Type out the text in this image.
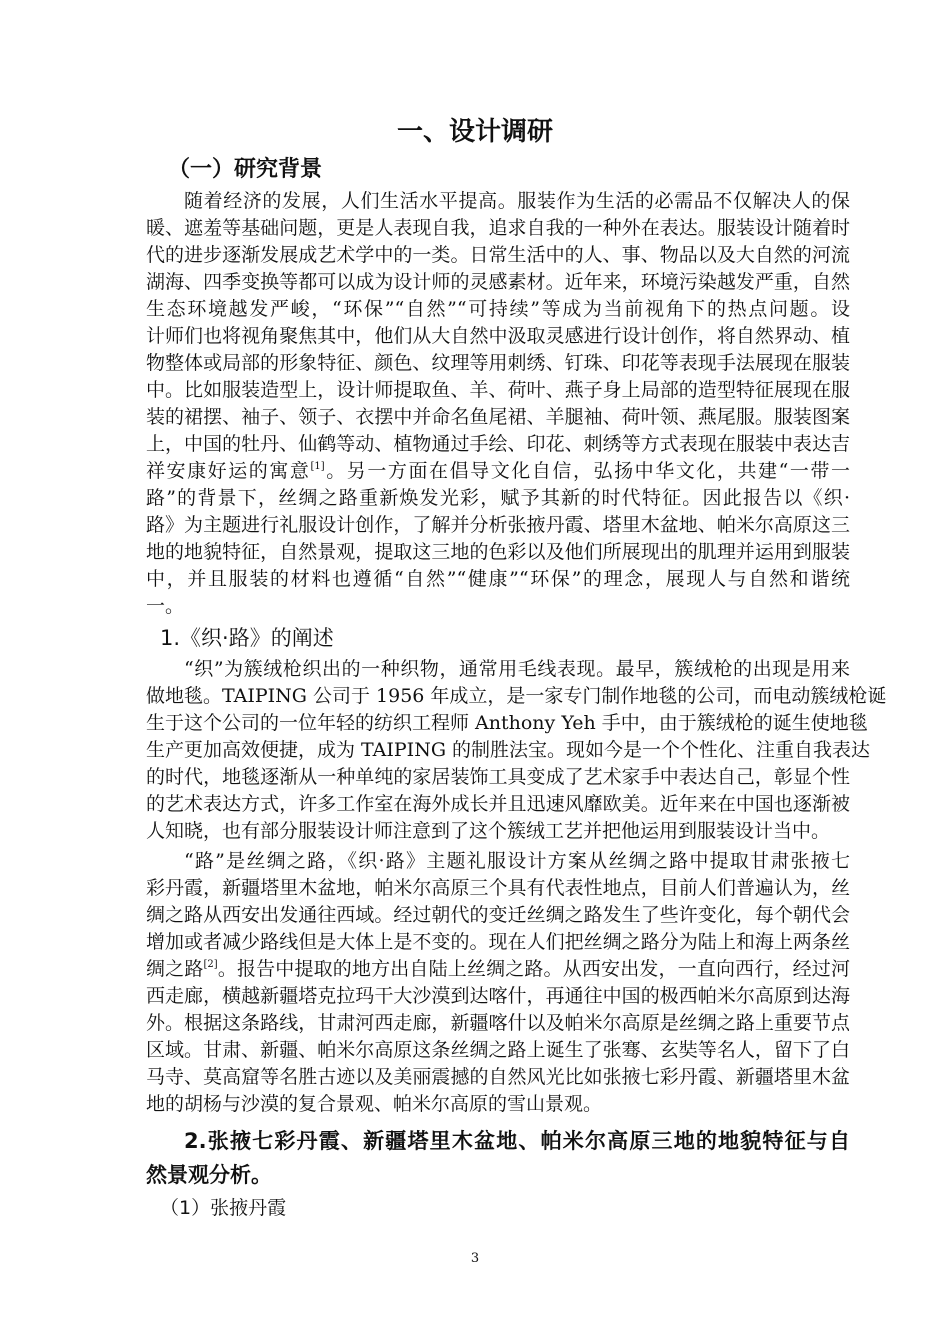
一、设计调研
（一）研究背景
随着经济的发展，人们生活水平提高。服装作为生活的必需品不仅解决人的保
暖、遮羞等基础问题，更是人表现自我，追求自我的一种外在表达。服装设计随着时
代的进步逐渐发展成艺术学中的一类。日常生活中的人、事、物品以及大自然的河流
湖海、四季变换等都可以成为设计师的灵感素材。近年来，环境污染越发严重，自然
生态环境越发严峻，“环保”“自然”“可持续”等成为当前视角下的热点问题。设
计师们也将视角聚焦其中，他们从大自然中汲取灵感进行设计创作，将自然界动、植
物整体或局部的形象特征、颜色、纹理等用刺绣、钉珠、印花等表现手法展现在服装
中。比如服装造型上，设计师提取鱼、羊、荷叶、燕子身上局部的造型特征展现在服
装的裙摆、袖子、领子、衣摆中并命名鱼尾裙、羊腿袖、荷叶领、燕尾服。服装图案
上，中国的牡丹、仙鹤等动、植物通过手绘、印花、刺绣等方式表现在服装中表达吉
祥安康好运的寓意[1]。另一方面在倡导文化自信，弘扬中华文化，共建“一带一
路”的背景下，丝绸之路重新焕发光彩，赋予其新的时代特征。因此报告以《织·
路》为主题进行礼服设计创作，了解并分析张掖丹霞、塔里木盆地、帕米尔高原这三
地的地貌特征，自然景观，提取这三地的色彩以及他们所展现出的肌理并运用到服装
中，并且服装的材料也遵循“自然”“健康”“环保”的理念，展现人与自然和谐统
一。
1.《织·路》的阐述
“织”为簇绒枪织出的一种织物，通常用毛线表现。最早，簇绒枪的出现是用来
做地毯。TAIPING 公司于 1956 年成立，是一家专门制作地毯的公司，而电动簇绒枪诞
生于这个公司的一位年轻的纺织工程师 Anthony Yeh 手中，由于簇绒枪的诞生使地毯
生产更加高效便捷，成为 TAIPING 的制胜法宝。现如今是一个个性化、注重自我表达
的时代，地毯逐渐从一种单纯的家居装饰工具变成了艺术家手中表达自己，彰显个性
的艺术表达方式，许多工作室在海外成长并且迅速风靡欧美。近年来在中国也逐渐被
人知晓，也有部分服装设计师注意到了这个簇绒工艺并把他运用到服装设计当中。
“路”是丝绸之路，《织·路》主题礼服设计方案从丝绸之路中提取甘肃张掖七
彩丹霞，新疆塔里木盆地，帕米尔高原三个具有代表性地点，目前人们普遍认为，丝
绸之路从西安出发通往西域。经过朝代的变迁丝绸之路发生了些许变化，每个朝代会
增加或者减少路线但是大体上是不变的。现在人们把丝绸之路分为陆上和海上两条丝
绸之路[2]。报告中提取的地方出自陆上丝绸之路。从西安出发，一直向西行，经过河
西走廊，横越新疆塔克拉玛干大沙漠到达喀什，再通往中国的极西帕米尔高原到达海
外。根据这条路线，甘肃河西走廊，新疆喀什以及帕米尔高原是丝绸之路上重要节点
区域。甘肃、新疆、帕米尔高原这条丝绸之路上诞生了张骞、玄奘等名人，留下了白
马寺、莫高窟等名胜古迹以及美丽震撼的自然风光比如张掖七彩丹霞、新疆塔里木盆
地的胡杨与沙漠的复合景观、帕米尔高原的雪山景观。
2.张掖七彩丹霞、新疆塔里木盆地、帕米尔高原三地的地貌特征与自
然景观分析。
（1）张掖丹霞
3
